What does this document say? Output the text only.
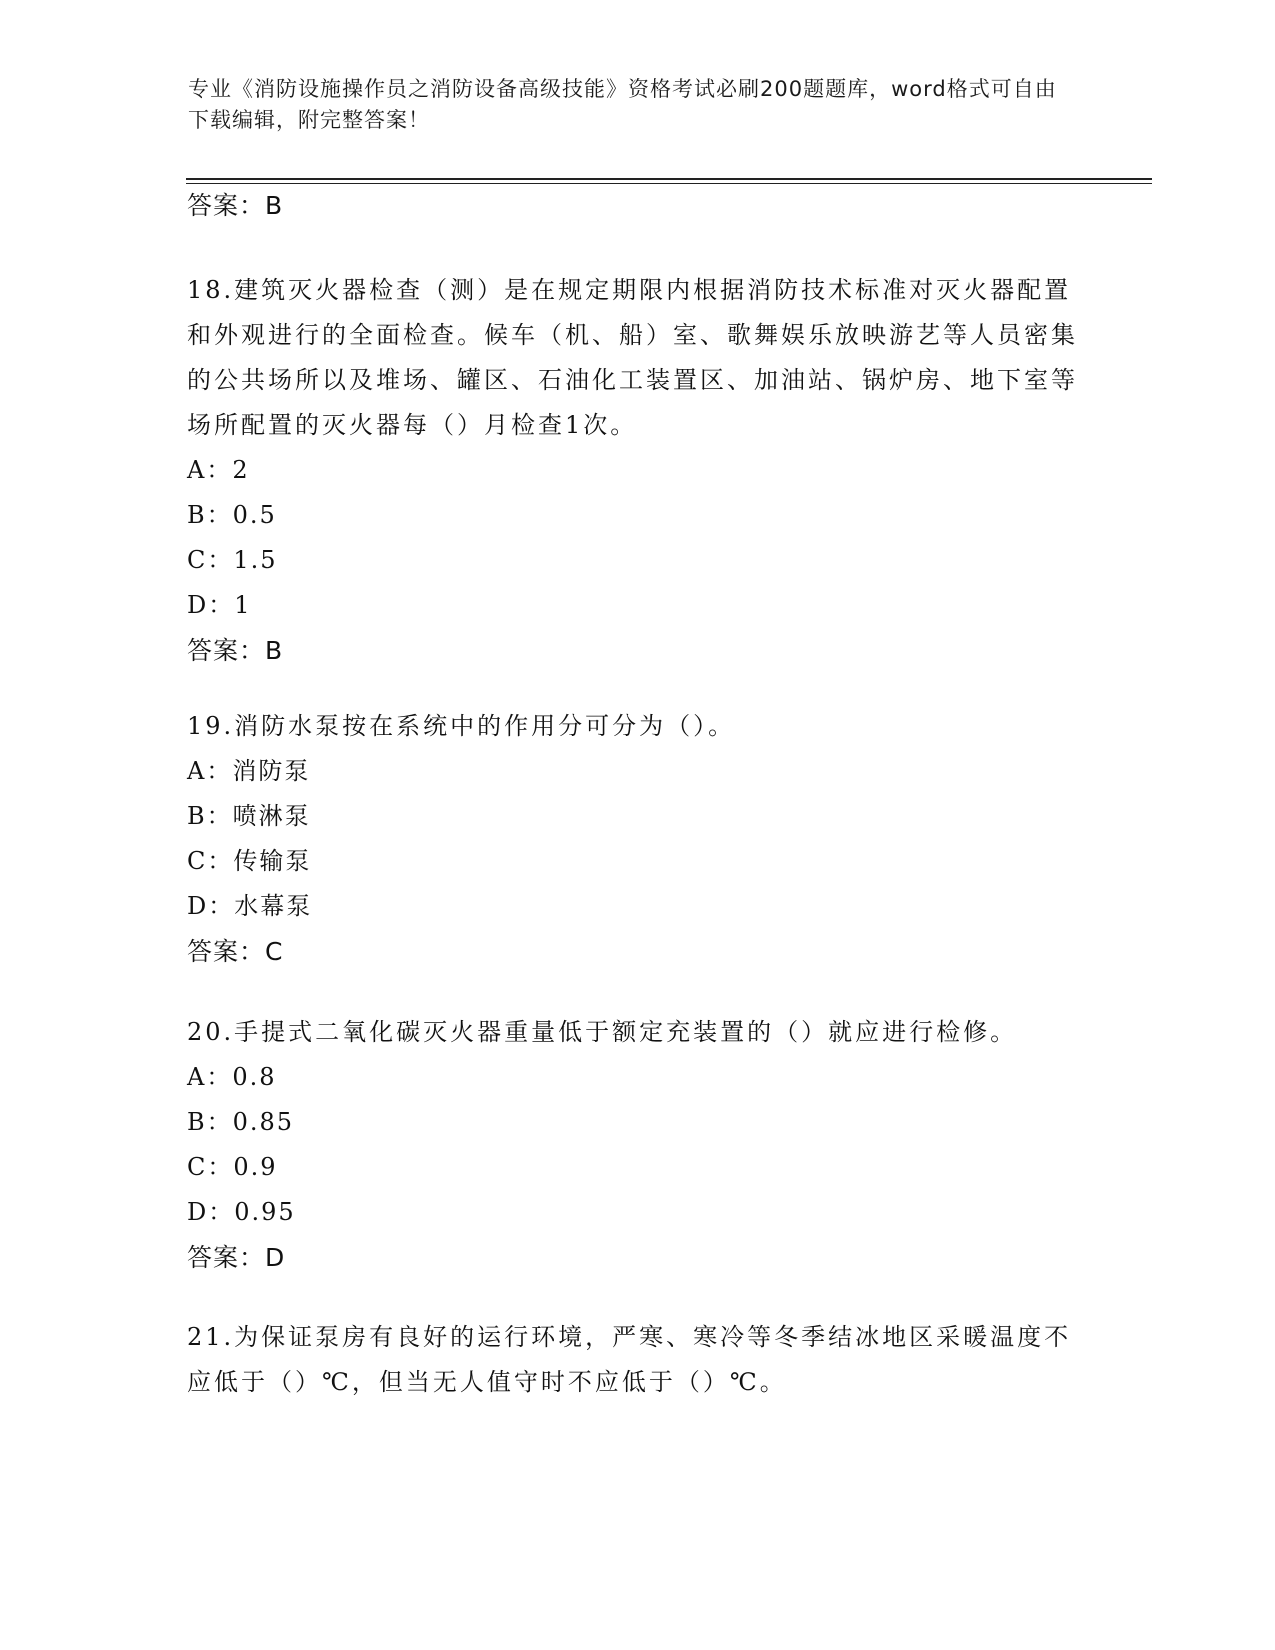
专业《消防设施操作员之消防设备高级技能》资格考试必刷200题题库，word格式可自由下载编辑，附完整答案！

答案：B

18.建筑灭火器检查（测）是在规定期限内根据消防技术标准对灭火器配置和外观进行的全面检查。候车（机、船）室、歌舞娱乐放映游艺等人员密集的公共场所以及堆场、罐区、石油化工装置区、加油站、锅炉房、地下室等场所配置的灭火器每（）月检查1次。

A：2

B：0.5

C：1.5

D：1

答案：B

19.消防水泵按在系统中的作用分可分为（）。

A：消防泵

B：喷淋泵

C：传输泵

D：水幕泵

答案：C

20.手提式二氧化碳灭火器重量低于额定充装置的（）就应进行检修。

A：0.8

B：0.85

C：0.9

D：0.95

答案：D

21.为保证泵房有良好的运行环境，严寒、寒冷等冬季结冰地区采暖温度不应低于（）℃，但当无人值守时不应低于（）℃。
